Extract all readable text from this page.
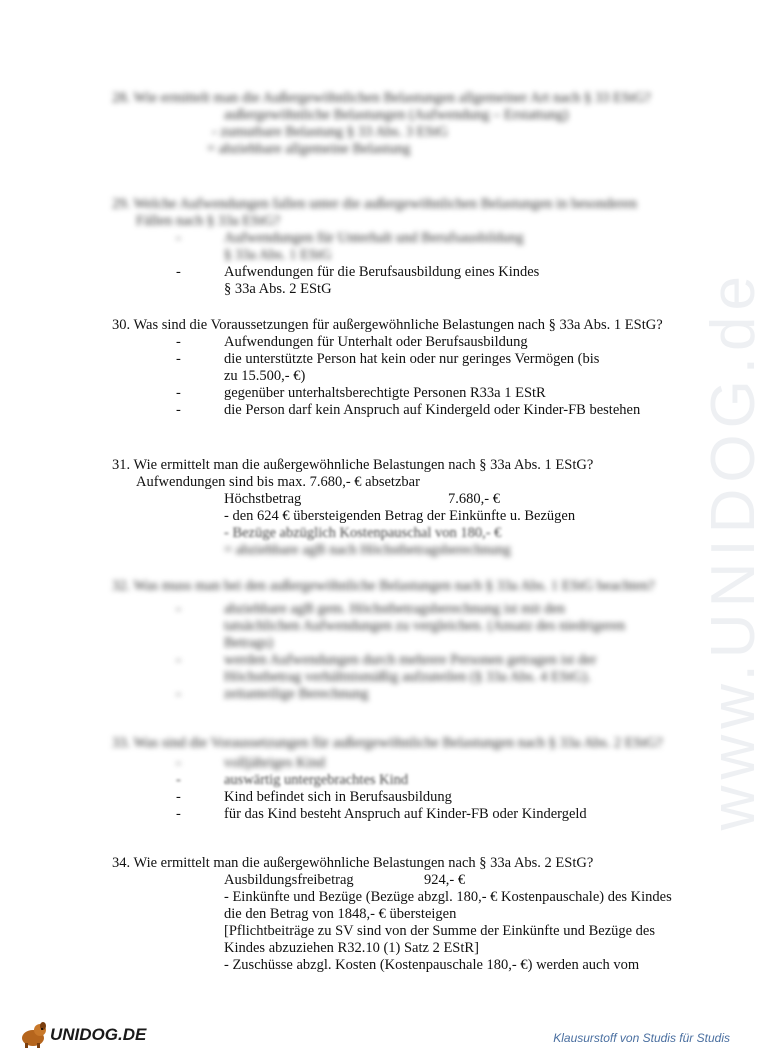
www.UNIDOG.de
28. Wie ermittelt man die Außergewöhnlichen Belastungen allgemeiner Art nach § 33 EStG?
außergewöhnliche Belastungen (Aufwendung – Erstattung)
- zumutbare Belastung § 33 Abs. 3 EStG
= abziehbare allgemeine Belastung
29. Welche Aufwendungen fallen unter die außergewöhnlichen Belastungen in besonderen Fällen nach § 33a EStG?
-	Aufwendungen für Unterhalt und Berufsausbildung
§ 33a Abs. 1 EStG
-	Aufwendungen für die Berufsausbildung eines Kindes
§ 33a Abs. 2 EStG
30. Was sind die Voraussetzungen für außergewöhnliche Belastungen nach § 33a Abs. 1 EStG?
-	Aufwendungen für Unterhalt oder Berufsausbildung
-	die unterstützte Person hat kein oder nur geringes Vermögen (bis zu 15.500,- €)
-	gegenüber unterhaltsberechtigte Personen R33a 1 EStR
-	die Person darf kein Anspruch auf Kindergeld oder Kinder-FB bestehen
31. Wie ermittelt man die außergewöhnliche Belastungen nach § 33a Abs. 1 EStG?
Aufwendungen sind bis max. 7.680,- € absetzbar
Höchstbetrag	7.680,- €
- den 624 € übersteigenden Betrag der Einkünfte u. Bezügen
- Bezüge abzüglich Kostenpauschal von 180,- €
= abziehbare agB nach Höchstbetragsberechnung
32. Was muss man bei den außergewöhnliche Belastungen nach § 33a Abs. 1 EStG beachten?
-	abziehbare agB gem. Höchstbetragsberechnung ist mit den tatsächlichen Aufwendungen zu vergleichen. (Ansatz des niedrigeren Betrags)
-	werden Aufwendungen durch mehrere Personen getragen ist der Höchstbetrag verhältnismäßig aufzuteilen (§ 33a Abs. 4 EStG).
-	zeitanteilige Berechnung
33. Was sind die Voraussetzungen für außergewöhnliche Belastungen nach § 33a Abs. 2 EStG?
-	volljähriges Kind
-	auswärtig untergebrachtes Kind
-	Kind befindet sich in Berufsausbildung
-	für das Kind besteht Anspruch auf Kinder-FB oder Kindergeld
34. Wie ermittelt man die außergewöhnliche Belastungen nach § 33a Abs. 2 EStG?
Ausbildungsfreibetrag	924,- €
- Einkünfte und Bezüge (Bezüge abzgl. 180,- € Kostenpauschale) des Kindes die den Betrag von 1848,- € übersteigen
[Pflichtbeiträge zu SV sind von der Summe der Einkünfte und Bezüge des Kindes abzuziehen R32.10 (1) Satz 2 EStR]
- Zuschüsse abzgl. Kosten (Kostenpauschale 180,- €) werden auch vom
UNIDOG.DE	Klausurstoff von Studis für Studis
